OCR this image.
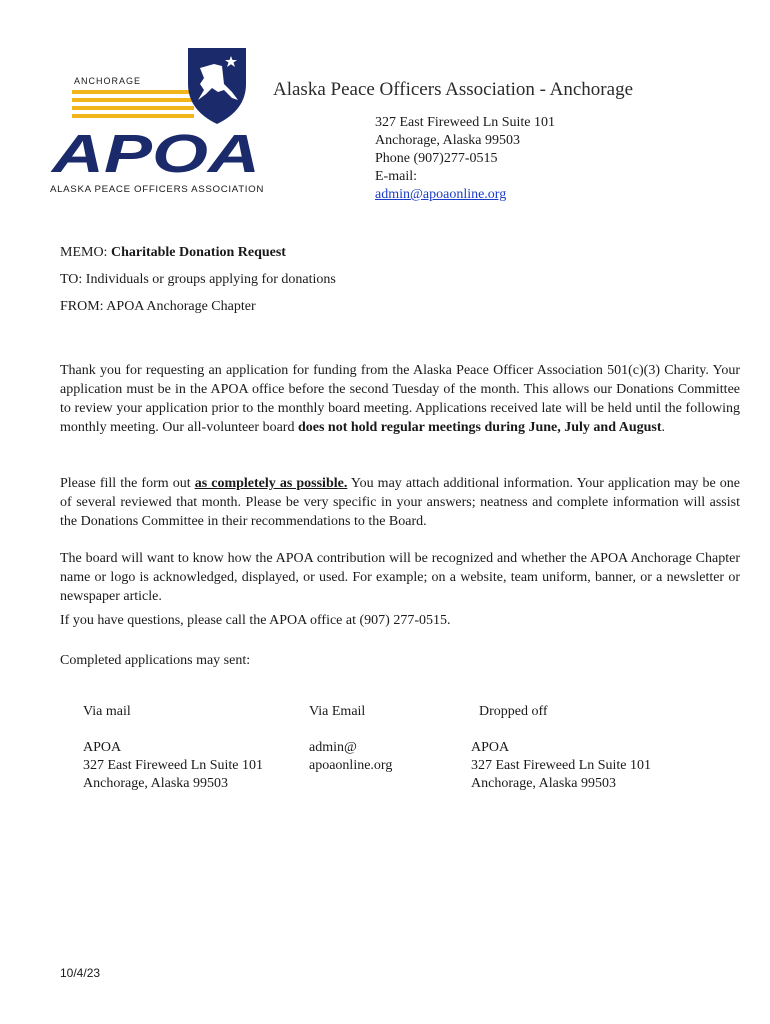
ANCHORAGE
APOA
ALASKA PEACE OFFICERS ASSOCIATION
Alaska Peace Officers Association - Anchorage
327 East Fireweed Ln Suite 101
Anchorage, Alaska 99503
Phone (907)277-0515
E-mail:
admin@apoaonline.org
MEMO: Charitable Donation Request
TO: Individuals or groups applying for donations
FROM: APOA Anchorage Chapter
Thank you for requesting an application for funding from the Alaska Peace Officer Association 501(c)(3) Charity. Your application must be in the APOA office before the second Tuesday of the month. This allows our Donations Committee to review your application prior to the monthly board meeting. Applications received late will be held until the following monthly meeting. Our all-volunteer board does not hold regular meetings during June, July and August.
Please fill the form out as completely as possible. You may attach additional information. Your application may be one of several reviewed that month. Please be very specific in your answers; neatness and complete information will assist the Donations Committee in their recommendations to the Board.
The board will want to know how the APOA contribution will be recognized and whether the APOA Anchorage Chapter name or logo is acknowledged, displayed, or used. For example; on a website, team uniform, banner, or a newsletter or newspaper article.
If you have questions, please call the APOA office at (907) 277-0515.
Completed applications may sent:
Via mail	Via Email	Dropped off
APOA
327 East Fireweed Ln Suite 101
Anchorage, Alaska 99503
admin@
apoaonline.org
APOA
327 East Fireweed Ln Suite 101
Anchorage, Alaska 99503
10/4/23
